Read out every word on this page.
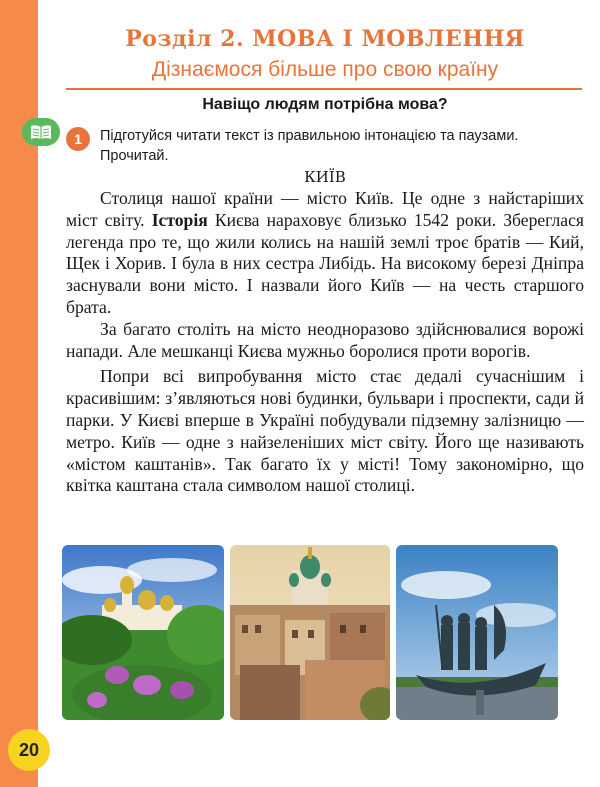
Розділ 2. МОВА І МОВЛЕННЯ
Дізнаємося більше про свою країну
Навіщо людям потрібна мова?
1	Підготуйся читати текст із правильною інтонацією та паузами.
Прочитай.
КИЇВ

Столиця нашої країни — місто Київ. Це одне з найстаріших міст світу. Історія Києва нараховує близько 1542 роки. Збереглася легенда про те, що жили колись на нашій землі троє братів — Кий, Щек і Хорив. І була в них сестра Либідь. На високому березі Дніпра заснували вони місто. І назвали його Київ — на честь старшого брата.

За багато століть на місто неодноразово здійснювалися ворожі напади. Але мешканці Києва мужньо боролися проти ворогів.

Попри всі випробування місто стає дедалі сучаснішим і красивішим: з’являються нові будинки, бульвари і проспекти, сади й парки. У Києві вперше в Україні побудували підземну залізницю — метро. Київ — одне з найзеленіших міст світу. Його ще називають «містом каштанів». Так багато їх у місті! Тому закономірно, що квітка каштана стала символом нашої столиці.

20
